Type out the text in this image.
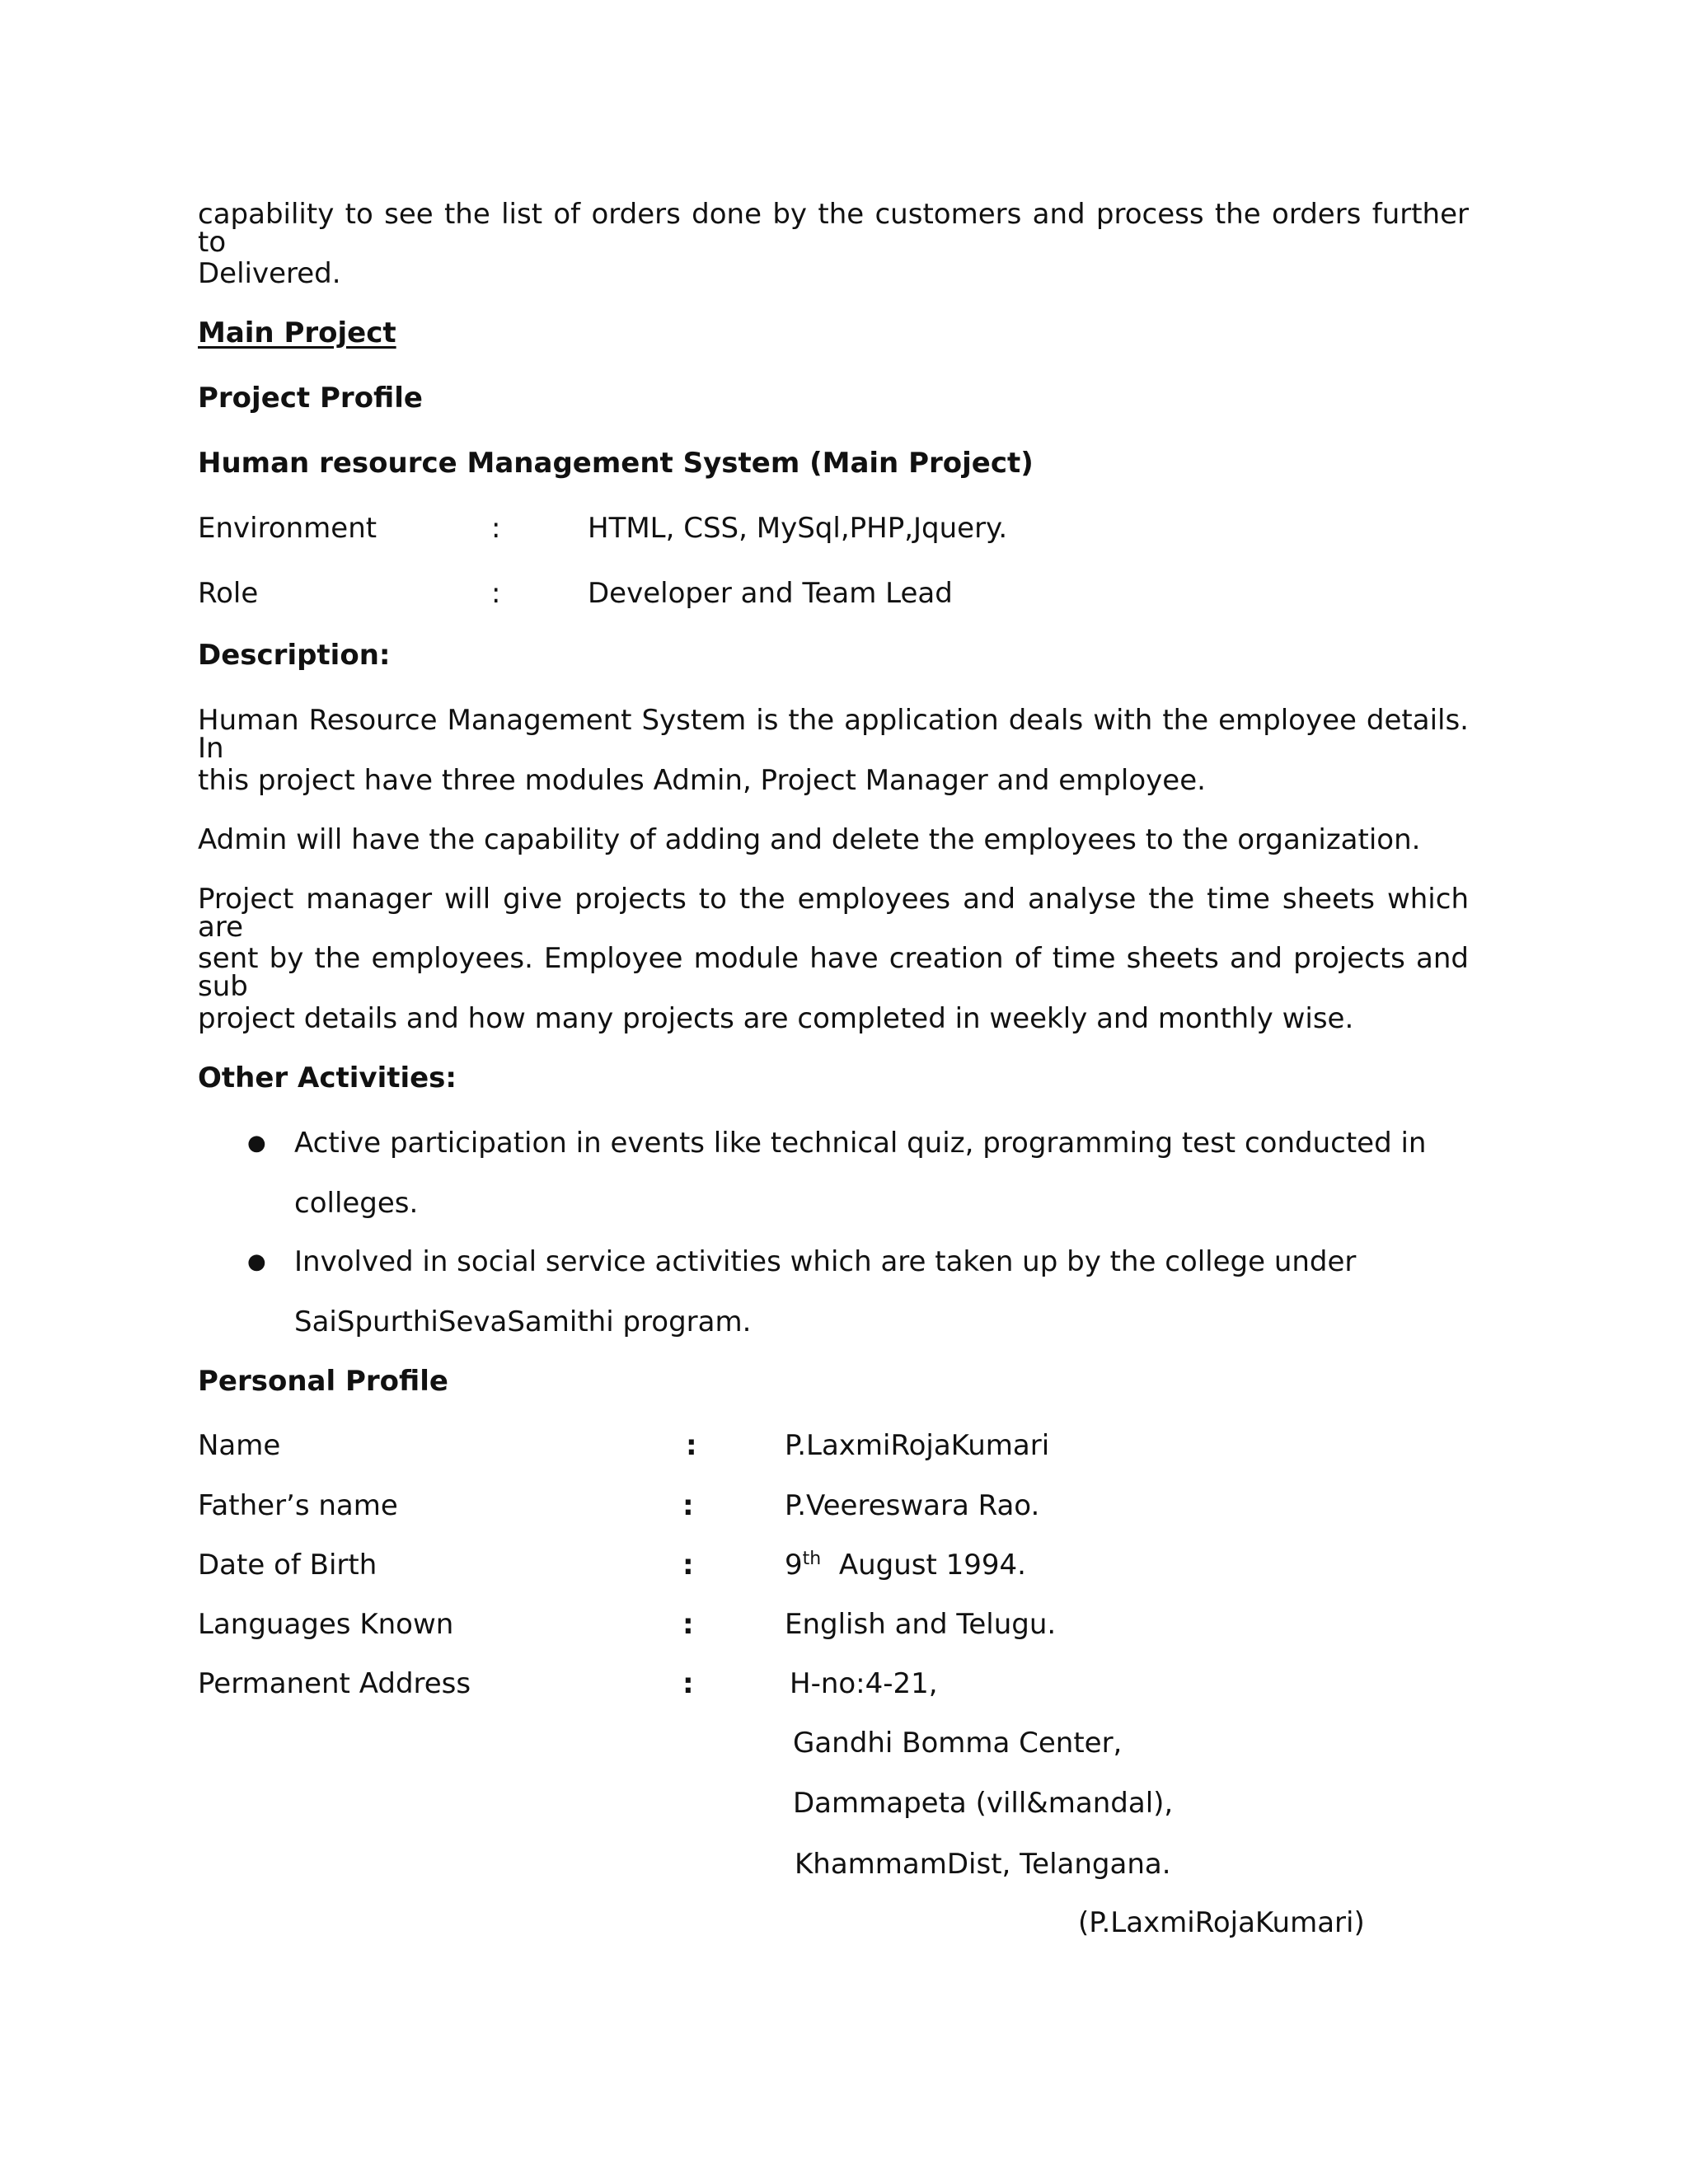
capability to see the list of orders done by the customers and process the orders further to
Delivered.
Main Project
Project Profile
Human resource Management System (Main Project)
Environment	:	HTML, CSS, MySql,PHP,Jquery.
Role	:	Developer and Team Lead
Description:
Human Resource Management System is the application deals with the employee details. In
this project have three modules Admin, Project Manager and employee.
Admin will have the capability of adding and delete the employees to the organization.
Project manager will give projects to the employees and analyse the time sheets which are
sent by the employees. Employee module have creation of time sheets and projects and sub
project details and how many projects are completed in weekly and monthly wise.
Other Activities:
● Active participation in events like technical quiz, programming test conducted in
colleges.
● Involved in social service activities which are taken up by the college under
SaiSpurthiSevaSamithi program.
Personal Profile
Name	:	P.LaxmiRojaKumari
Father’s name	:	P.Veereswara Rao.
Date of Birth	:	9th August 1994.
Languages Known	:	English and Telugu.
Permanent Address	:	H-no:4-21,
Gandhi Bomma Center,
Dammapeta (vill&mandal),
KhammamDist, Telangana.
(P.LaxmiRojaKumari)
